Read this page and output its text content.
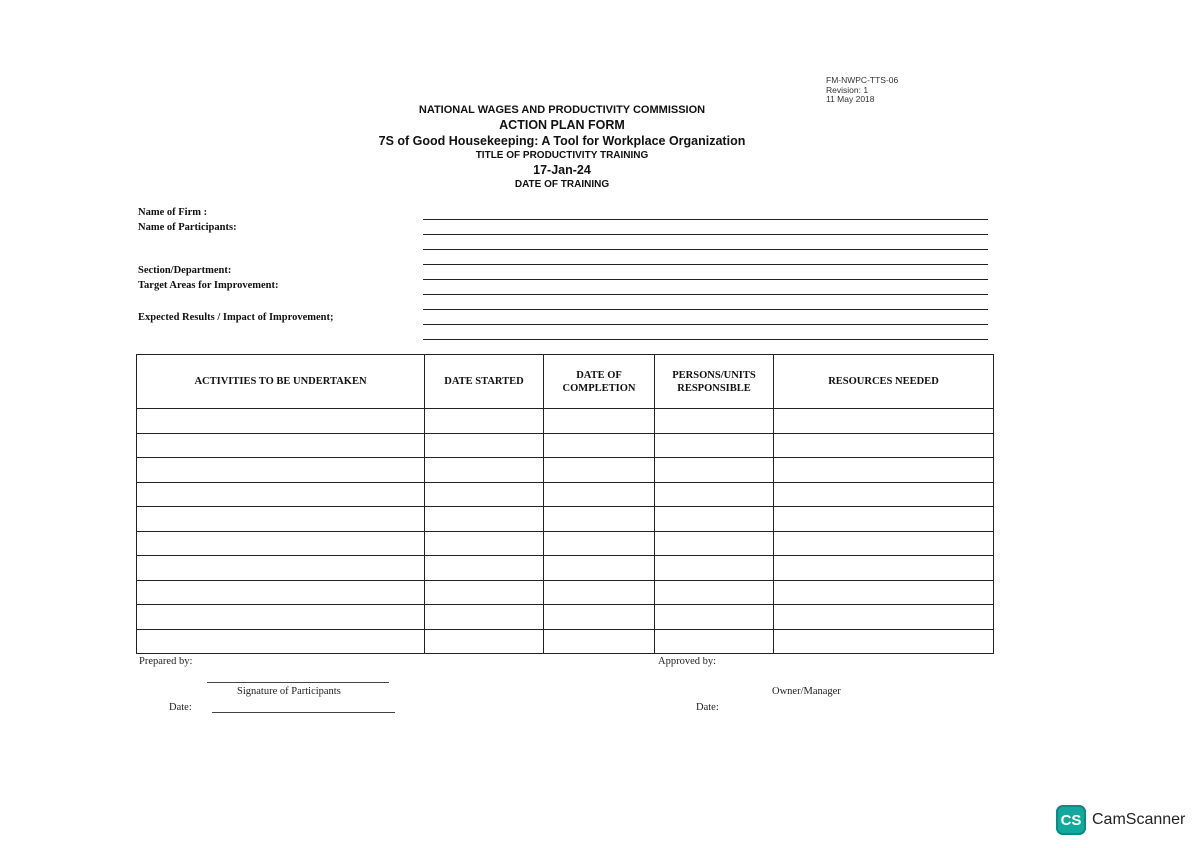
FM-NWPC-TTS-06
Revision: 1
11 May 2018
NATIONAL WAGES AND PRODUCTIVITY COMMISSION
ACTION PLAN FORM
7S of Good Housekeeping: A Tool for Workplace Organization
TITLE OF PRODUCTIVITY TRAINING
17-Jan-24
DATE OF TRAINING
Name of Firm :
Name of Participants:
Section/Department:
Target Areas for Improvement:
Expected Results / Impact of Improvement;
ACTIVITIES TO BE UNDERTAKEN	DATE STARTED	DATE OF COMPLETION	PERSONS/UNITS RESPONSIBLE	RESOURCES NEEDED

Prepared by:
Signature of Participants
Date:
Approved by:
Owner/Manager
Date:
CS CamScanner
